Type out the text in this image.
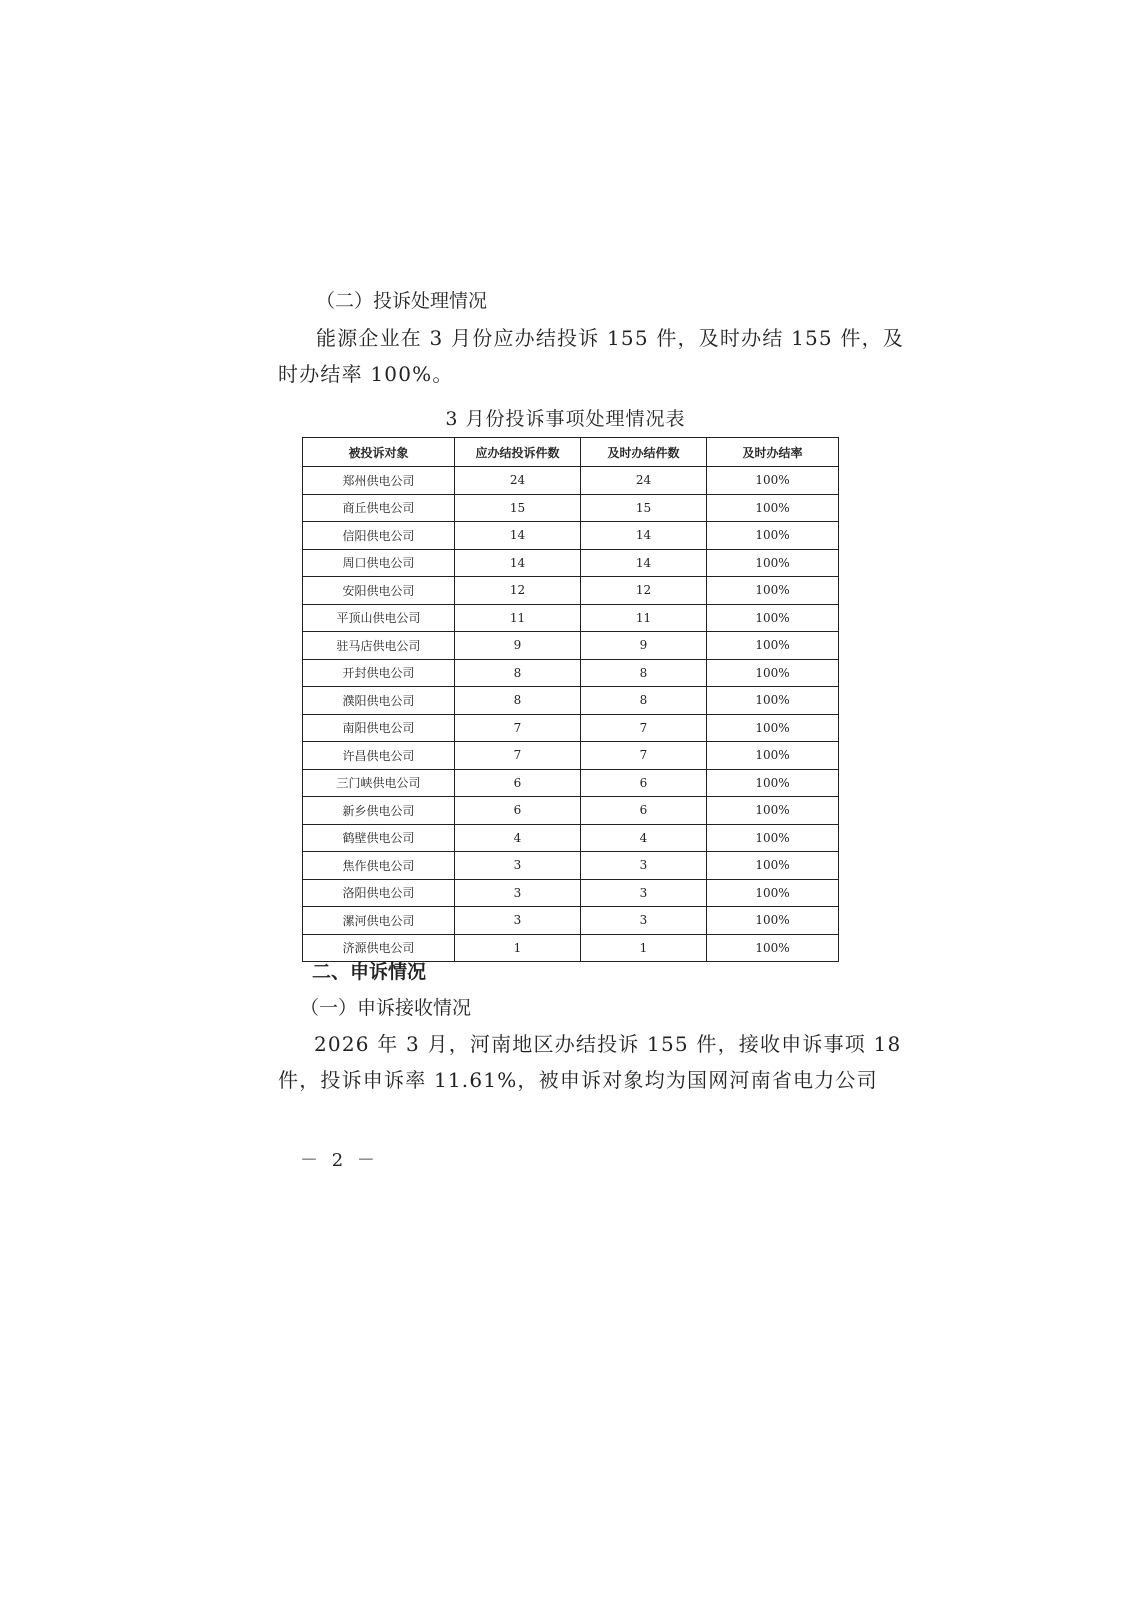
（二）投诉处理情况
能源企业在 3 月份应办结投诉 155 件，及时办结 155 件，及
时办结率 100%。
3 月份投诉事项处理情况表
被投诉对象	应办结投诉件数	及时办结件数	及时办结率
郑州供电公司	24	24	100%
商丘供电公司	15	15	100%
信阳供电公司	14	14	100%
周口供电公司	14	14	100%
安阳供电公司	12	12	100%
平顶山供电公司	11	11	100%
驻马店供电公司	9	9	100%
开封供电公司	8	8	100%
濮阳供电公司	8	8	100%
南阳供电公司	7	7	100%
许昌供电公司	7	7	100%
三门峡供电公司	6	6	100%
新乡供电公司	6	6	100%
鹤壁供电公司	4	4	100%
焦作供电公司	3	3	100%
洛阳供电公司	3	3	100%
漯河供电公司	3	3	100%
济源供电公司	1	1	100%
二、申诉情况
（一）申诉接收情况
2026 年 3 月，河南地区办结投诉 155 件，接收申诉事项 18
件，投诉申诉率 11.61%，被申诉对象均为国网河南省电力公司
－ 2 －
